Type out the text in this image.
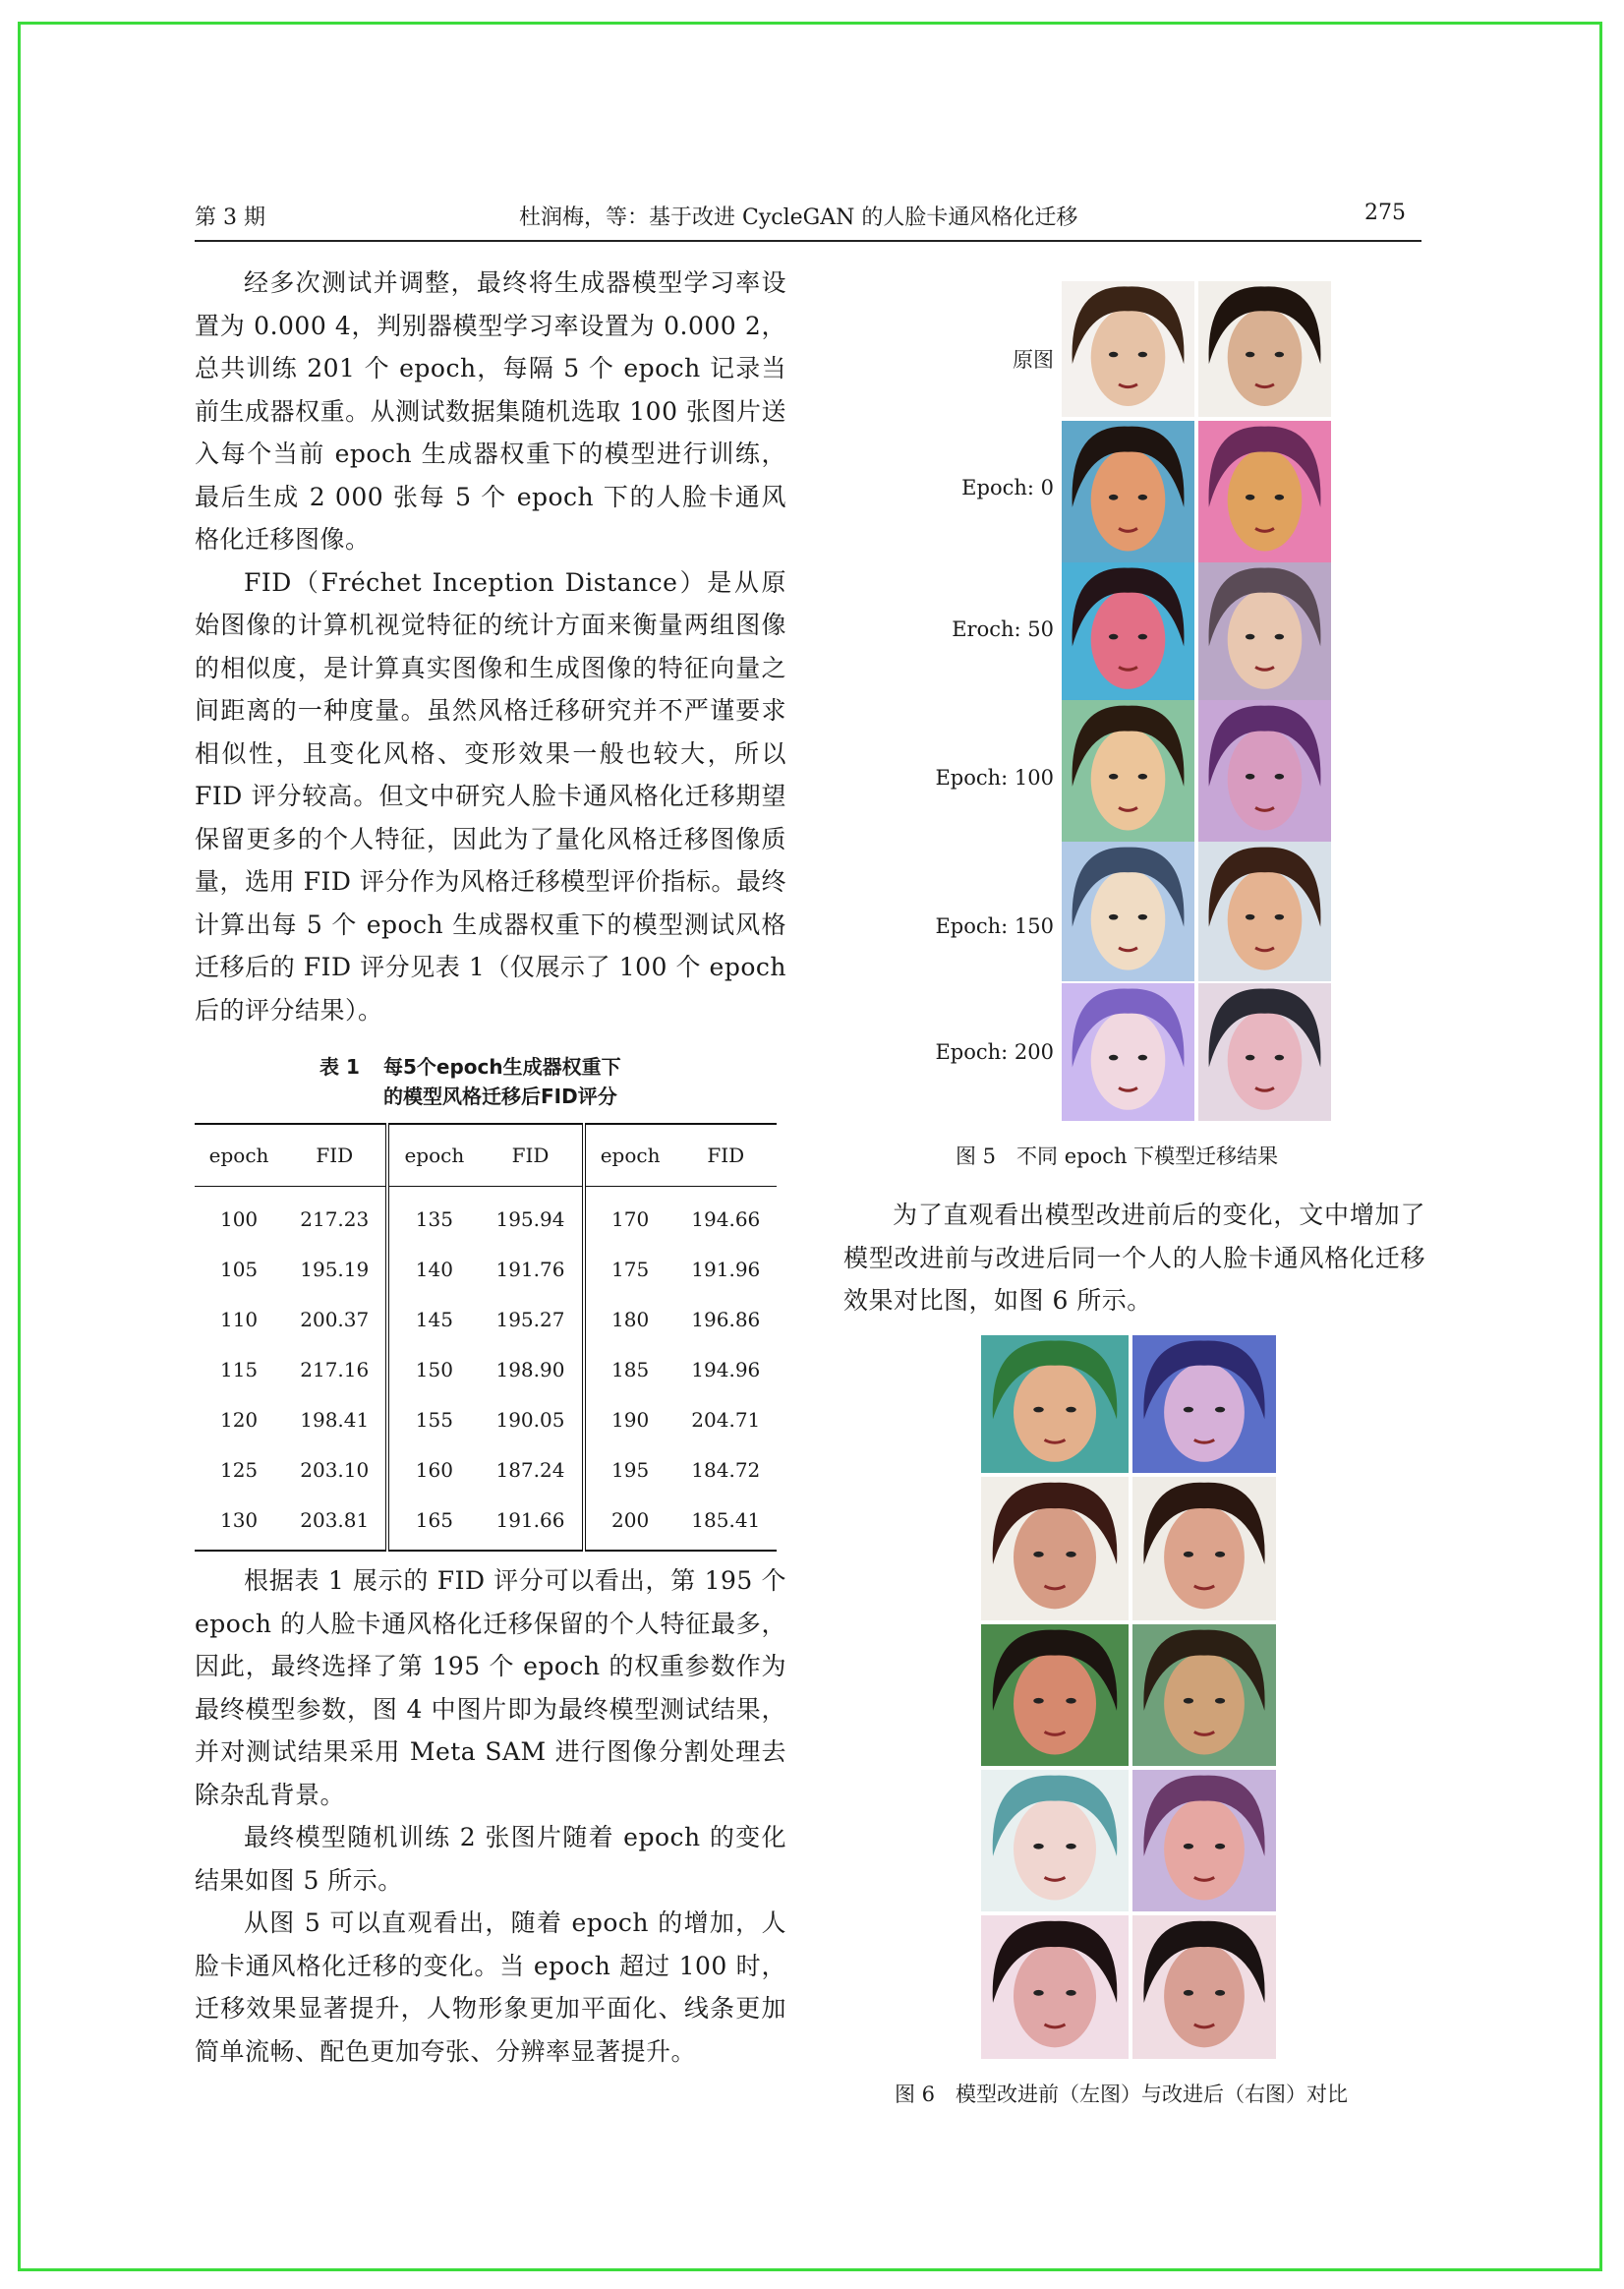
第 3 期	杜润梅，等：基于改进 CycleGAN 的人脸卡通风格化迁移	275

经多次测试并调整，最终将生成器模型学习率设置为 0.000 4，判别器模型学习率设置为 0.000 2，总共训练 201 个 epoch，每隔 5 个 epoch 记录当前生成器权重。从测试数据集随机选取 100 张图片送入每个当前 epoch 生成器权重下的模型进行训练，最后生成 2 000 张每 5 个 epoch 下的人脸卡通风格化迁移图像。

FID（Fréchet Inception Distance）是从原始图像的计算机视觉特征的统计方面来衡量两组图像的相似度，是计算真实图像和生成图像的特征向量之间距离的一种度量。虽然风格迁移研究并不严谨要求相似性，且变化风格、变形效果一般也较大，所以 FID 评分较高。但文中研究人脸卡通风格化迁移期望保留更多的个人特征，因此为了量化风格迁移图像质量，选用 FID 评分作为风格迁移模型评价指标。最终计算出每 5 个 epoch 生成器权重下的模型测试风格迁移后的 FID 评分见表 1（仅展示了 100 个 epoch 后的评分结果）。

表 1 每5个epoch生成器权重下
的模型风格迁移后FID评分
epoch	FID	epoch	FID	epoch	FID
100	217.23	135	195.94	170	194.66
105	195.19	140	191.76	175	191.96
110	200.37	145	195.27	180	196.86
115	217.16	150	198.90	185	194.96
120	198.41	155	190.05	190	204.71
125	203.10	160	187.24	195	184.72
130	203.81	165	191.66	200	185.41

根据表 1 展示的 FID 评分可以看出，第 195 个 epoch 的人脸卡通风格化迁移保留的个人特征最多，因此，最终选择了第 195 个 epoch 的权重参数作为最终模型参数，图 4 中图片即为最终模型测试结果，并对测试结果采用 Meta SAM 进行图像分割处理去除杂乱背景。

最终模型随机训练 2 张图片随着 epoch 的变化结果如图 5 所示。

从图 5 可以直观看出，随着 epoch 的增加，人脸卡通风格化迁移的变化。当 epoch 超过 100 时，迁移效果显著提升，人物形象更加平面化、线条更加简单流畅、配色更加夸张、分辨率显著提升。

原图
Epoch: 0
Eroch: 50
Epoch: 100
Epoch: 150
Epoch: 200
图 5　不同 epoch 下模型迁移结果

为了直观看出模型改进前后的变化，文中增加了模型改进前与改进后同一个人的人脸卡通风格化迁移效果对比图，如图 6 所示。

图 6　模型改进前（左图）与改进后（右图）对比
